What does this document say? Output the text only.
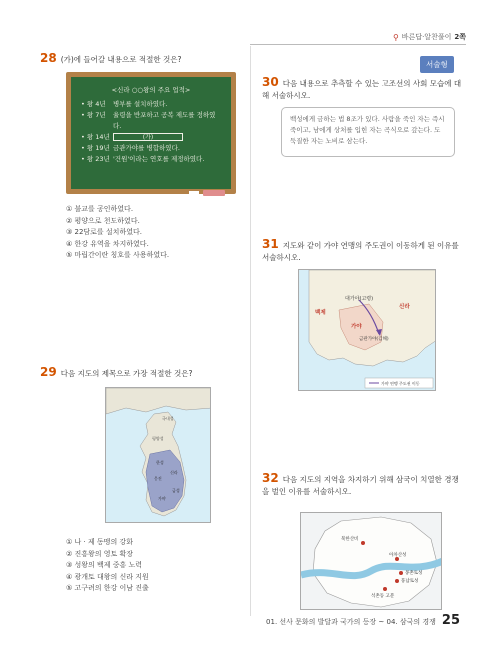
⚲ 바른답·알찬풀이 2쪽
28 (가)에 들어갈 내용으로 적절한 것은?
<신라 ○○왕의 주요 업적>
• 왕 4년	병부를 설치하였다.
• 왕 7년	율령을 반포하고 공복 제도를 정하였다.
• 왕 14년	(가)
• 왕 19년 금관가야를 병합하였다.
• 왕 23년 '건원'이라는 연호를 제정하였다.
① 불교를 공인하였다.
② 평양으로 천도하였다.
③ 22담로를 설치하였다.
④ 한강 유역을 차지하였다.
⑤ 마립간이란 칭호를 사용하였다.
29 다음 지도의 제목으로 가장 적절한 것은?
국내성
평양성
한성
웅진
신라
금성
가야
① 나 · 제 동맹의 강화
② 진흥왕의 영토 확장
③ 성왕의 백제 중흥 노력
④ 광개토 대왕의 신라 지원
⑤ 고구려의 한강 이남 진출
서술형
30 다음 내용으로 추측할 수 있는 고조선의 사회 모습에 대해 서술하시오.
백성에게 금하는 법 8조가 있다. 사람을 죽인 자는 즉시 죽이고, 남에게 상처를 입힌 자는 곡식으로 갚는다. 도둑질한 자는 노비로 삼는다.
31 지도와 같이 가야 연맹의 주도권이 이동하게 된 이유를 서술하시오.
대가야(고령)
백제
신라
가야
금관가야(김해)
가야 연맹 주도권 이동
32 다음 지도의 지역을 차지하기 위해 삼국이 치열한 경쟁을 벌인 이유를 서술하시오.
북한산비
아차산성
몽촌토성
풍납토성
석촌동 고분
01. 선사 문화의 발달과 국가의 등장 ~ 04. 삼국의 경쟁 25
